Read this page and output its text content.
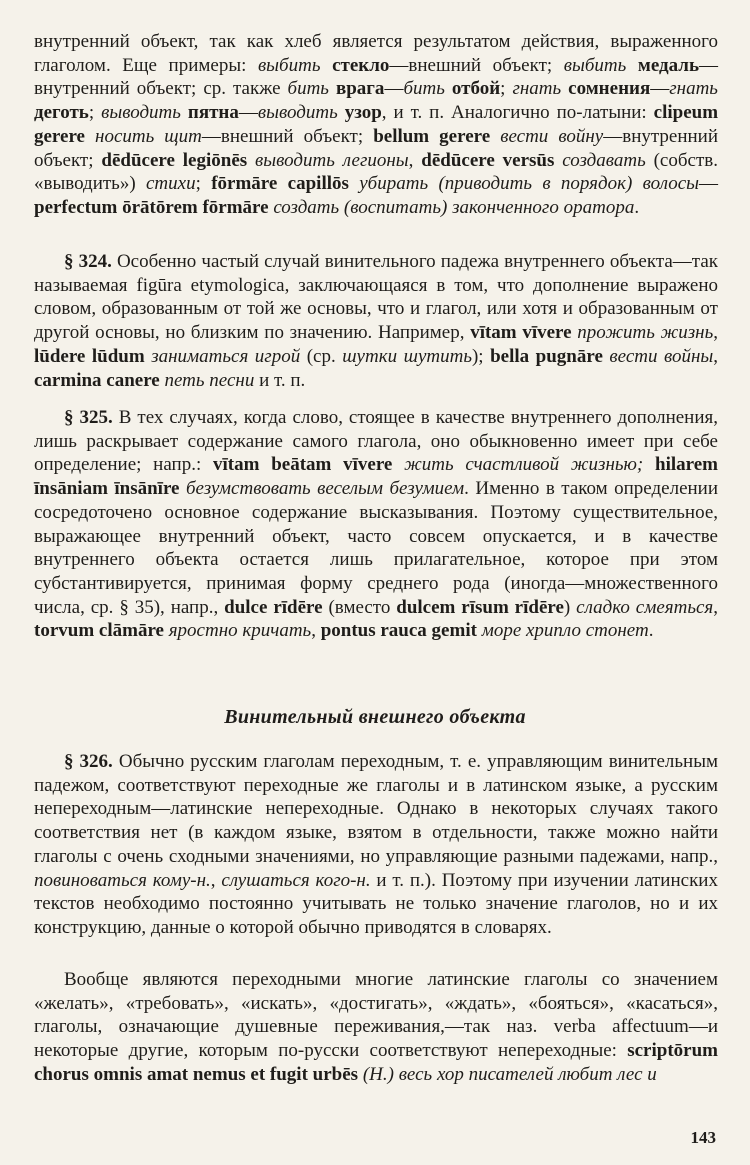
внутренний объект, так как хлеб является результатом действия, выраженного глаголом. Еще примеры: выбить стекло—внешний объект; выбить медаль—внутренний объект; ср. также бить врага—бить отбой; гнать сомнения—гнать деготь; выводить пятна—выводить узор, и т. п. Аналогично по-латыни: clipeum gerere носить щит—внешний объект; bellum gerere вести войну—внутренний объект; dēdūcere legiōnēs выводить легионы, dēdūcere versūs создавать (собств. «выводить») стихи; fōrmāre capillōs убирать (приводить в порядок) волосы—perfectum ōrātōrem fōrmāre создать (воспитать) законченного оратора.

§ 324. Особенно частый случай винительного падежа внутреннего объекта—так называемая figūra etymologica, заключающаяся в том, что дополнение выражено словом, образованным от той же основы, что и глагол, или хотя и образованным от другой основы, но близким по значению. Например, vītam vīvere прожить жизнь, lūdere lūdum заниматься игрой (ср. шутки шутить); bella pugnāre вести войны, carmina canere петь песни и т. п.

§ 325. В тех случаях, когда слово, стоящее в качестве внутреннего дополнения, лишь раскрывает содержание самого глагола, оно обыкновенно имеет при себе определение; напр.: vītam beātam vīvere жить счастливой жизнью; hilarem īnsāniam īnsānīre безумствовать веселым безумием. Именно в таком определении сосредоточено основное содержание высказывания. Поэтому существительное, выражающее внутренний объект, часто совсем опускается, и в качестве внутреннего объекта остается лишь прилагательное, которое при этом субстантивируется, принимая форму среднего рода (иногда—множественного числа, ср. § 35), напр., dulce rīdēre (вместо dulcem rīsum rīdēre) сладко смеяться, torvum clāmāre яростно кричать, pontus rauca gemit море хрипло стонет.

Винительный внешнего объекта

§ 326. Обычно русским глаголам переходным, т. е. управляющим винительным падежом, соответствуют переходные же глаголы и в латинском языке, а русским непереходным—латинские непереходные. Однако в некоторых случаях такого соответствия нет (в каждом языке, взятом в отдельности, также можно найти глаголы с очень сходными значениями, но управляющие разными падежами, напр., повиноваться кому-н., слушаться кого-н. и т. п.). Поэтому при изучении латинских текстов необходимо постоянно учитывать не только значение глаголов, но и их конструкцию, данные о которой обычно приводятся в словарях.

Вообще являются переходными многие латинские глаголы со значением «желать», «требовать», «искать», «достигать», «ждать», «бояться», «касаться», глаголы, означающие душевные переживания,—так наз. verba affectuum—и некоторые другие, которым по-русски соответствуют непереходные: scriptōrum chorus omnis amat nemus et fugit urbēs (H.) весь хор писателей любит лес и

143
